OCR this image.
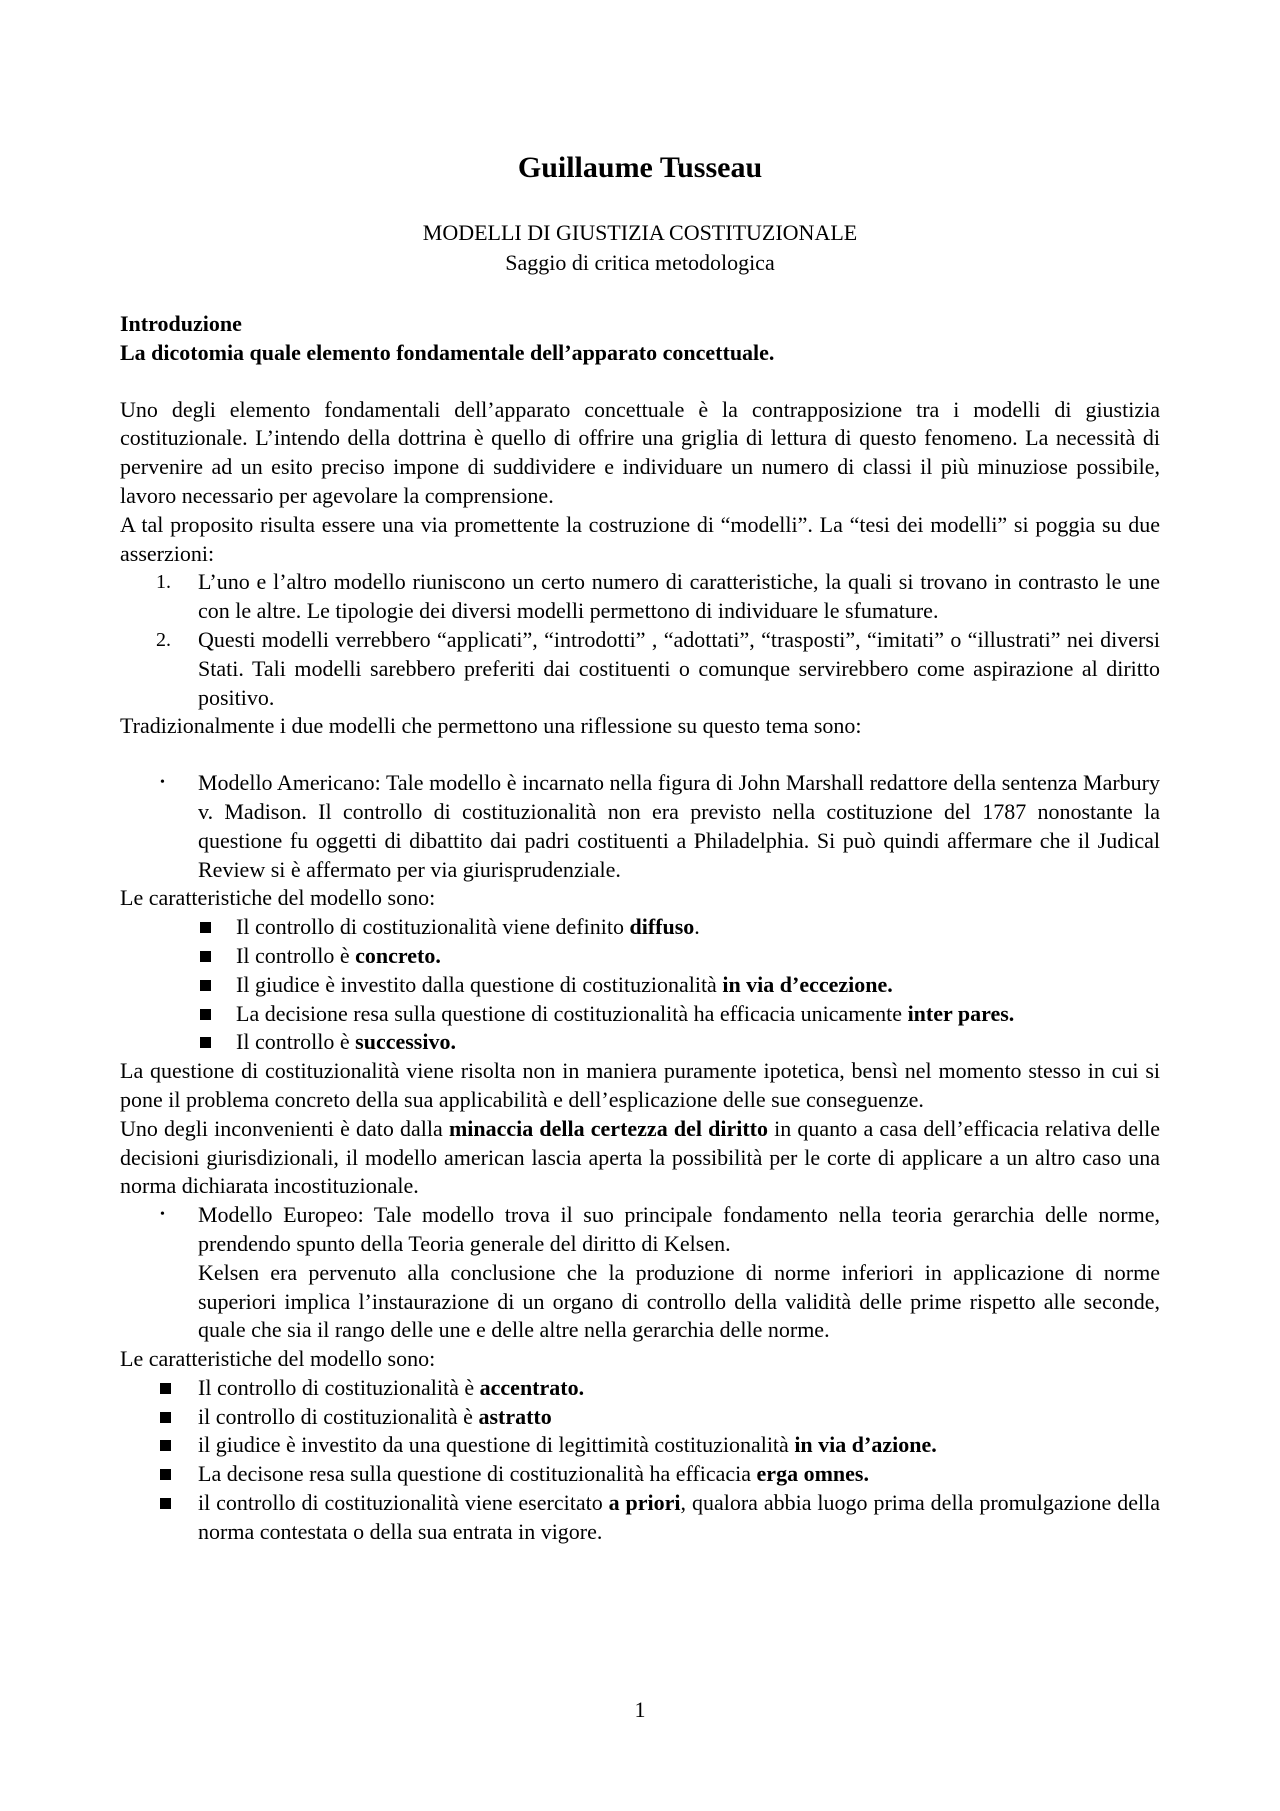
Guillaume Tusseau
MODELLI DI GIUSTIZIA COSTITUZIONALE
Saggio di critica metodologica
Introduzione
La dicotomia quale elemento fondamentale dell’apparato concettuale.

Uno degli elemento fondamentali dell’apparato concettuale è la contrapposizione tra i modelli di giustizia costituzionale. L’intendo della dottrina è quello di offrire una griglia di lettura di questo fenomeno. La necessità di pervenire ad un esito preciso impone di suddividere e individuare un numero di classi il più minuziose possibile, lavoro necessario per agevolare la comprensione.

A tal proposito risulta essere una via promettente la costruzione di “modelli”. La “tesi dei modelli” si poggia su due asserzioni:

1. L’uno e l’altro modello riuniscono un certo numero di caratteristiche, la quali si trovano in contrasto le une con le altre. Le tipologie dei diversi modelli permettono di individuare le sfumature.
2. Questi modelli verrebbero “applicati”, “introdotti” , “adottati”, “trasposti”, “imitati” o “illustrati” nei diversi Stati. Tali modelli sarebbero preferiti dai costituenti o comunque servirebbero come aspirazione al diritto positivo.

Tradizionalmente i due modelli che permettono una riflessione su questo tema sono:

• Modello Americano: Tale modello è incarnato nella figura di John Marshall redattore della sentenza Marbury v. Madison. Il controllo di costituzionalità non era previsto nella costituzione del 1787 nonostante la questione fu oggetti di dibattito dai padri costituenti a Philadelphia. Si può quindi affermare che il Judical Review si è affermato per via giurisprudenziale.

Le caratteristiche del modello sono:

Il controllo di costituzionalità viene definito diffuso.
Il controllo è concreto.
Il giudice è investito dalla questione di costituzionalità in via d’eccezione.
La decisione resa sulla questione di costituzionalità ha efficacia unicamente inter pares.
Il controllo è successivo.

La questione di costituzionalità viene risolta non in maniera puramente ipotetica, bensì nel momento stesso in cui si pone il problema concreto della sua applicabilità e dell’esplicazione delle sue conseguenze.

Uno degli inconvenienti è dato dalla minaccia della certezza del diritto in quanto a casa dell’efficacia relativa delle decisioni giurisdizionali, il modello american lascia aperta la possibilità per le corte di applicare a un altro caso una norma dichiarata incostituzionale.

• Modello Europeo: Tale modello trova il suo principale fondamento nella teoria gerarchia delle norme, prendendo spunto della Teoria generale del diritto di Kelsen.
Kelsen era pervenuto alla conclusione che la produzione di norme inferiori in applicazione di norme superiori implica l’instaurazione di un organo di controllo della validità delle prime rispetto alle seconde, quale che sia il rango delle une e delle altre nella gerarchia delle norme.

Le caratteristiche del modello sono:

Il controllo di costituzionalità è accentrato.
il controllo di costituzionalità è astratto
il giudice è investito da una questione di legittimità costituzionalità in via d’azione.
La decisone resa sulla questione di costituzionalità ha efficacia erga omnes.
il controllo di costituzionalità viene esercitato a priori, qualora abbia luogo prima della promulgazione della norma contestata o della sua entrata in vigore.
1
